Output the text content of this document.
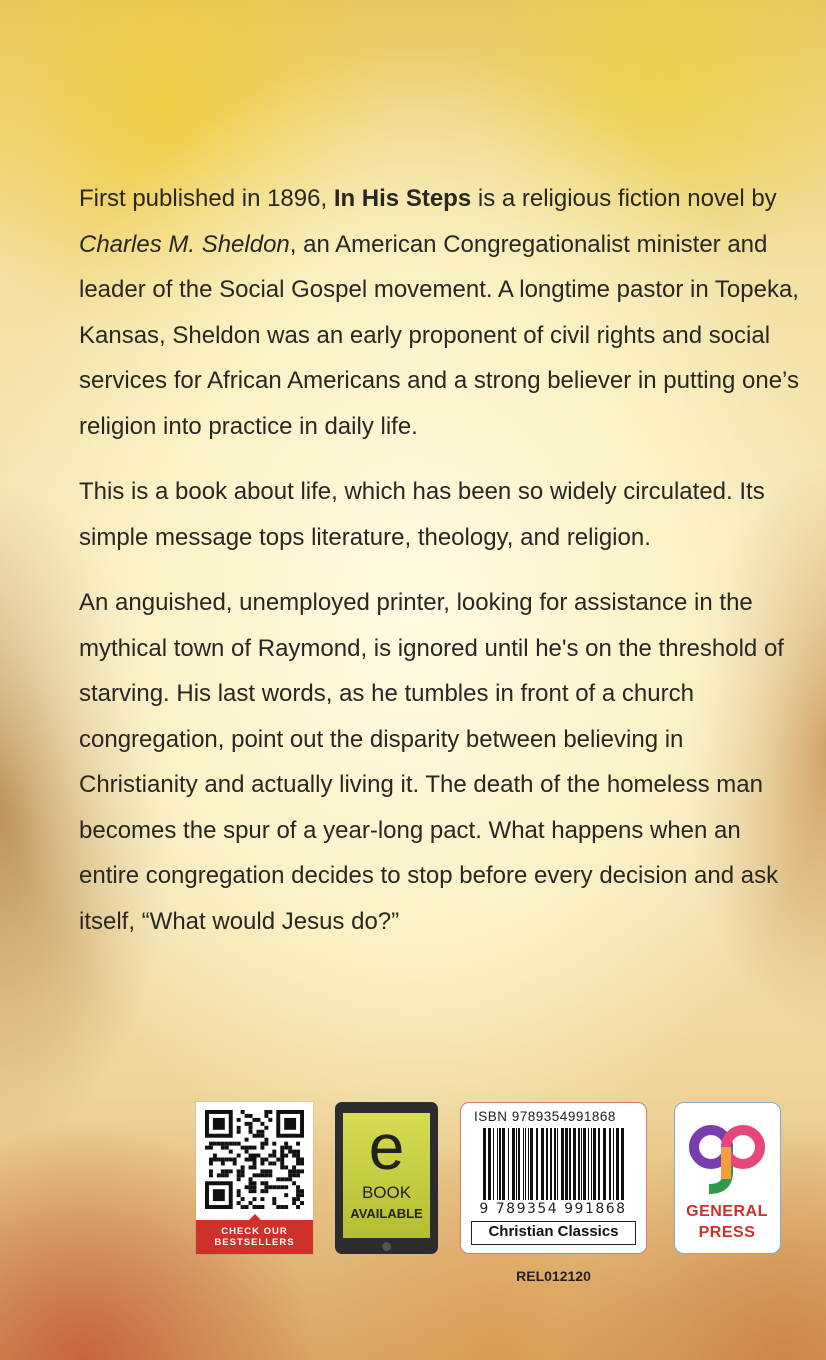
First published in 1896, In His Steps is a religious fiction novel by Charles M. Sheldon, an American Congregationalist minister and leader of the Social Gospel movement. A longtime pastor in Topeka, Kansas, Sheldon was an early proponent of civil rights and social services for African Americans and a strong believer in putting one’s religion into practice in daily life.

This is a book about life, which has been so widely circulated. Its simple message tops literature, theology, and religion.

An anguished, unemployed printer, looking for assistance in the mythical town of Raymond, is ignored until he's on the threshold of starving. His last words, as he tumbles in front of a church congregation, point out the disparity between believing in Christianity and actually living it. The death of the homeless man becomes the spur of a year-long pact. What happens when an entire congregation decides to stop before every decision and ask itself, “What would Jesus do?”

CHECK OUR
BESTSELLERS
e
BOOK
AVAILABLE
ISBN 9789354991868
9 789354 991868
Christian Classics
REL012120
GENERAL
PRESS
